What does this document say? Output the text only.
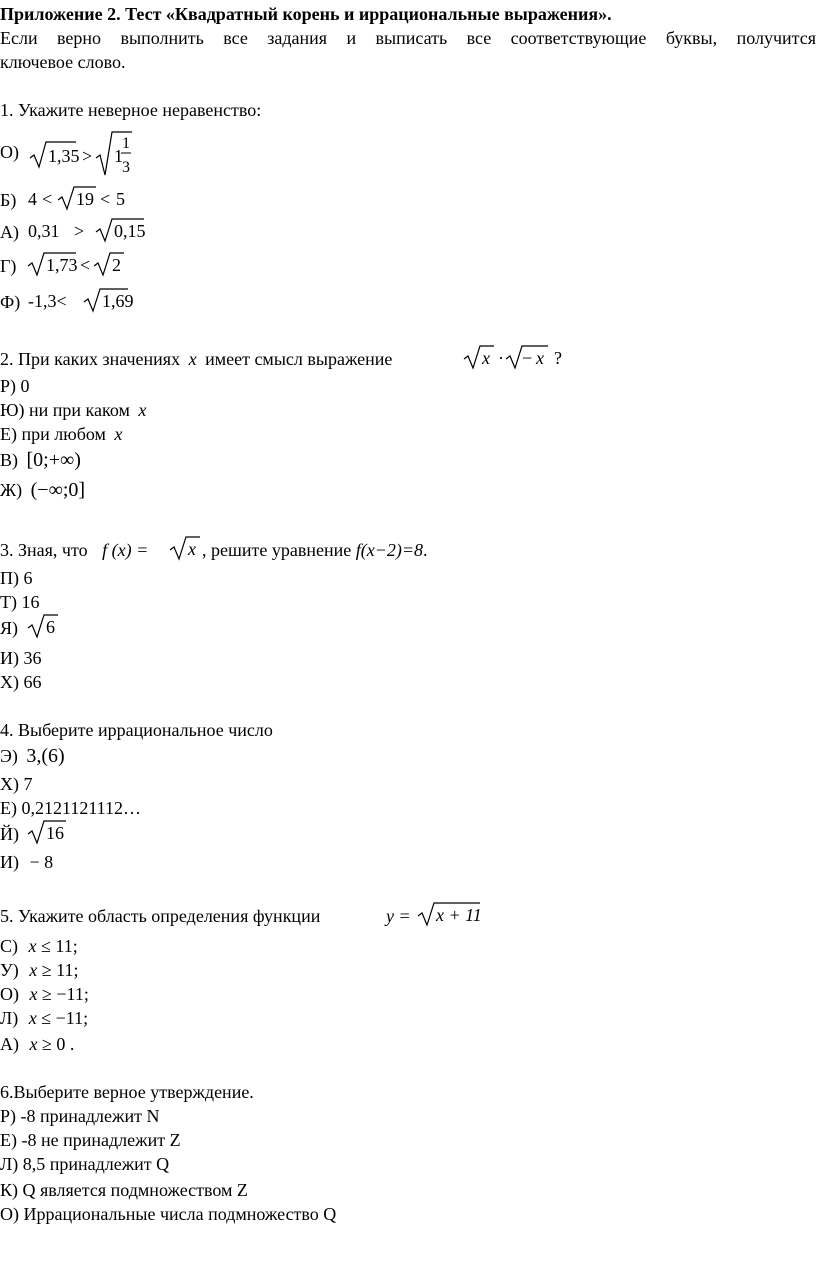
Приложение 2. Тест «Квадратный корень и иррациональные выражения».
Если верно выполнить все задания и выписать все соответствующие буквы, получится
ключевое слово.
1. Укажите неверное неравенство:
О) 1,35 > 1
1
3
Б) 4 < 19 < 5
А) 0,31 > 0,15
Г) 1,73 < 2
Ф) -1,3< 1,69
2. При каких значениях x имеет смысл выражение	x · − x ?
Р) 0
Ю) ни при каком x
Е) при любом x
В) [0;+∞)
Ж) (−∞;0]
3. Зная, что f (x) = x , решите уравнение f(x−2)=8.
П) 6
Т) 16
Я) 6
И) 36
Х) 66
4. Выберите иррациональное число
Э) 3,(6)
Х) 7
Е) 0,2121121112…
Й) 16
И) − 8
5. Укажите область определения функции	y = x + 11
С) x ≤ 11;
У) x ≥ 11;
О) x ≥ −11;
Л) x ≤ −11;
А) x ≥ 0 .
6.Выберите верное утверждение.
Р) -8 принадлежит N
Е) -8 не принадлежит Z
Л) 8,5 принадлежит Q
К) Q является подмножеством Z
О) Иррациональные числа подмножество Q
